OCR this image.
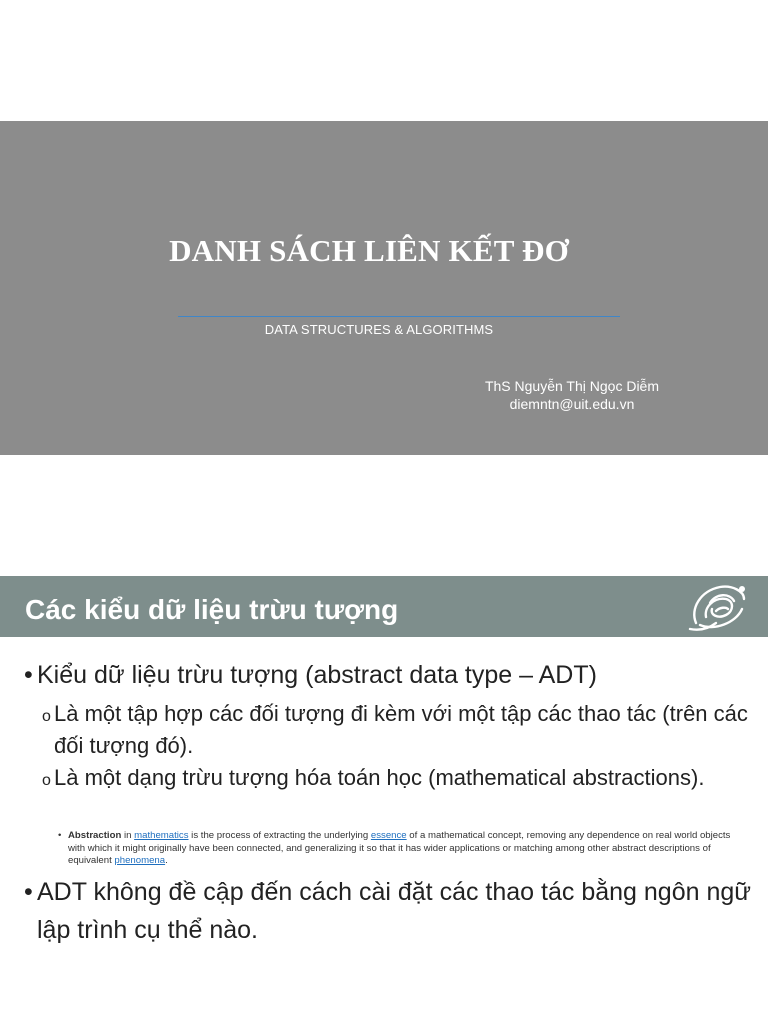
DANH SÁCH LIÊN KẾT ĐƠ
DATA STRUCTURES & ALGORITHMS
ThS Nguyễn Thị Ngọc Diễm
diemntn@uit.edu.vn
Các kiểu dữ liệu trừu tượng
• Kiểu dữ liệu trừu tượng (abstract data type – ADT)
o Là một tập hợp các đối tượng đi kèm với một tập các thao tác (trên các đối tượng đó).
o Là một dạng trừu tượng hóa toán học (mathematical abstractions).
• Abstraction in mathematics is the process of extracting the underlying essence of a mathematical concept, removing any dependence on real world objects with which it might originally have been connected, and generalizing it so that it has wider applications or matching among other abstract descriptions of equivalent phenomena.
• ADT không đề cập đến cách cài đặt các thao tác bằng ngôn ngữ lập trình cụ thể nào.
